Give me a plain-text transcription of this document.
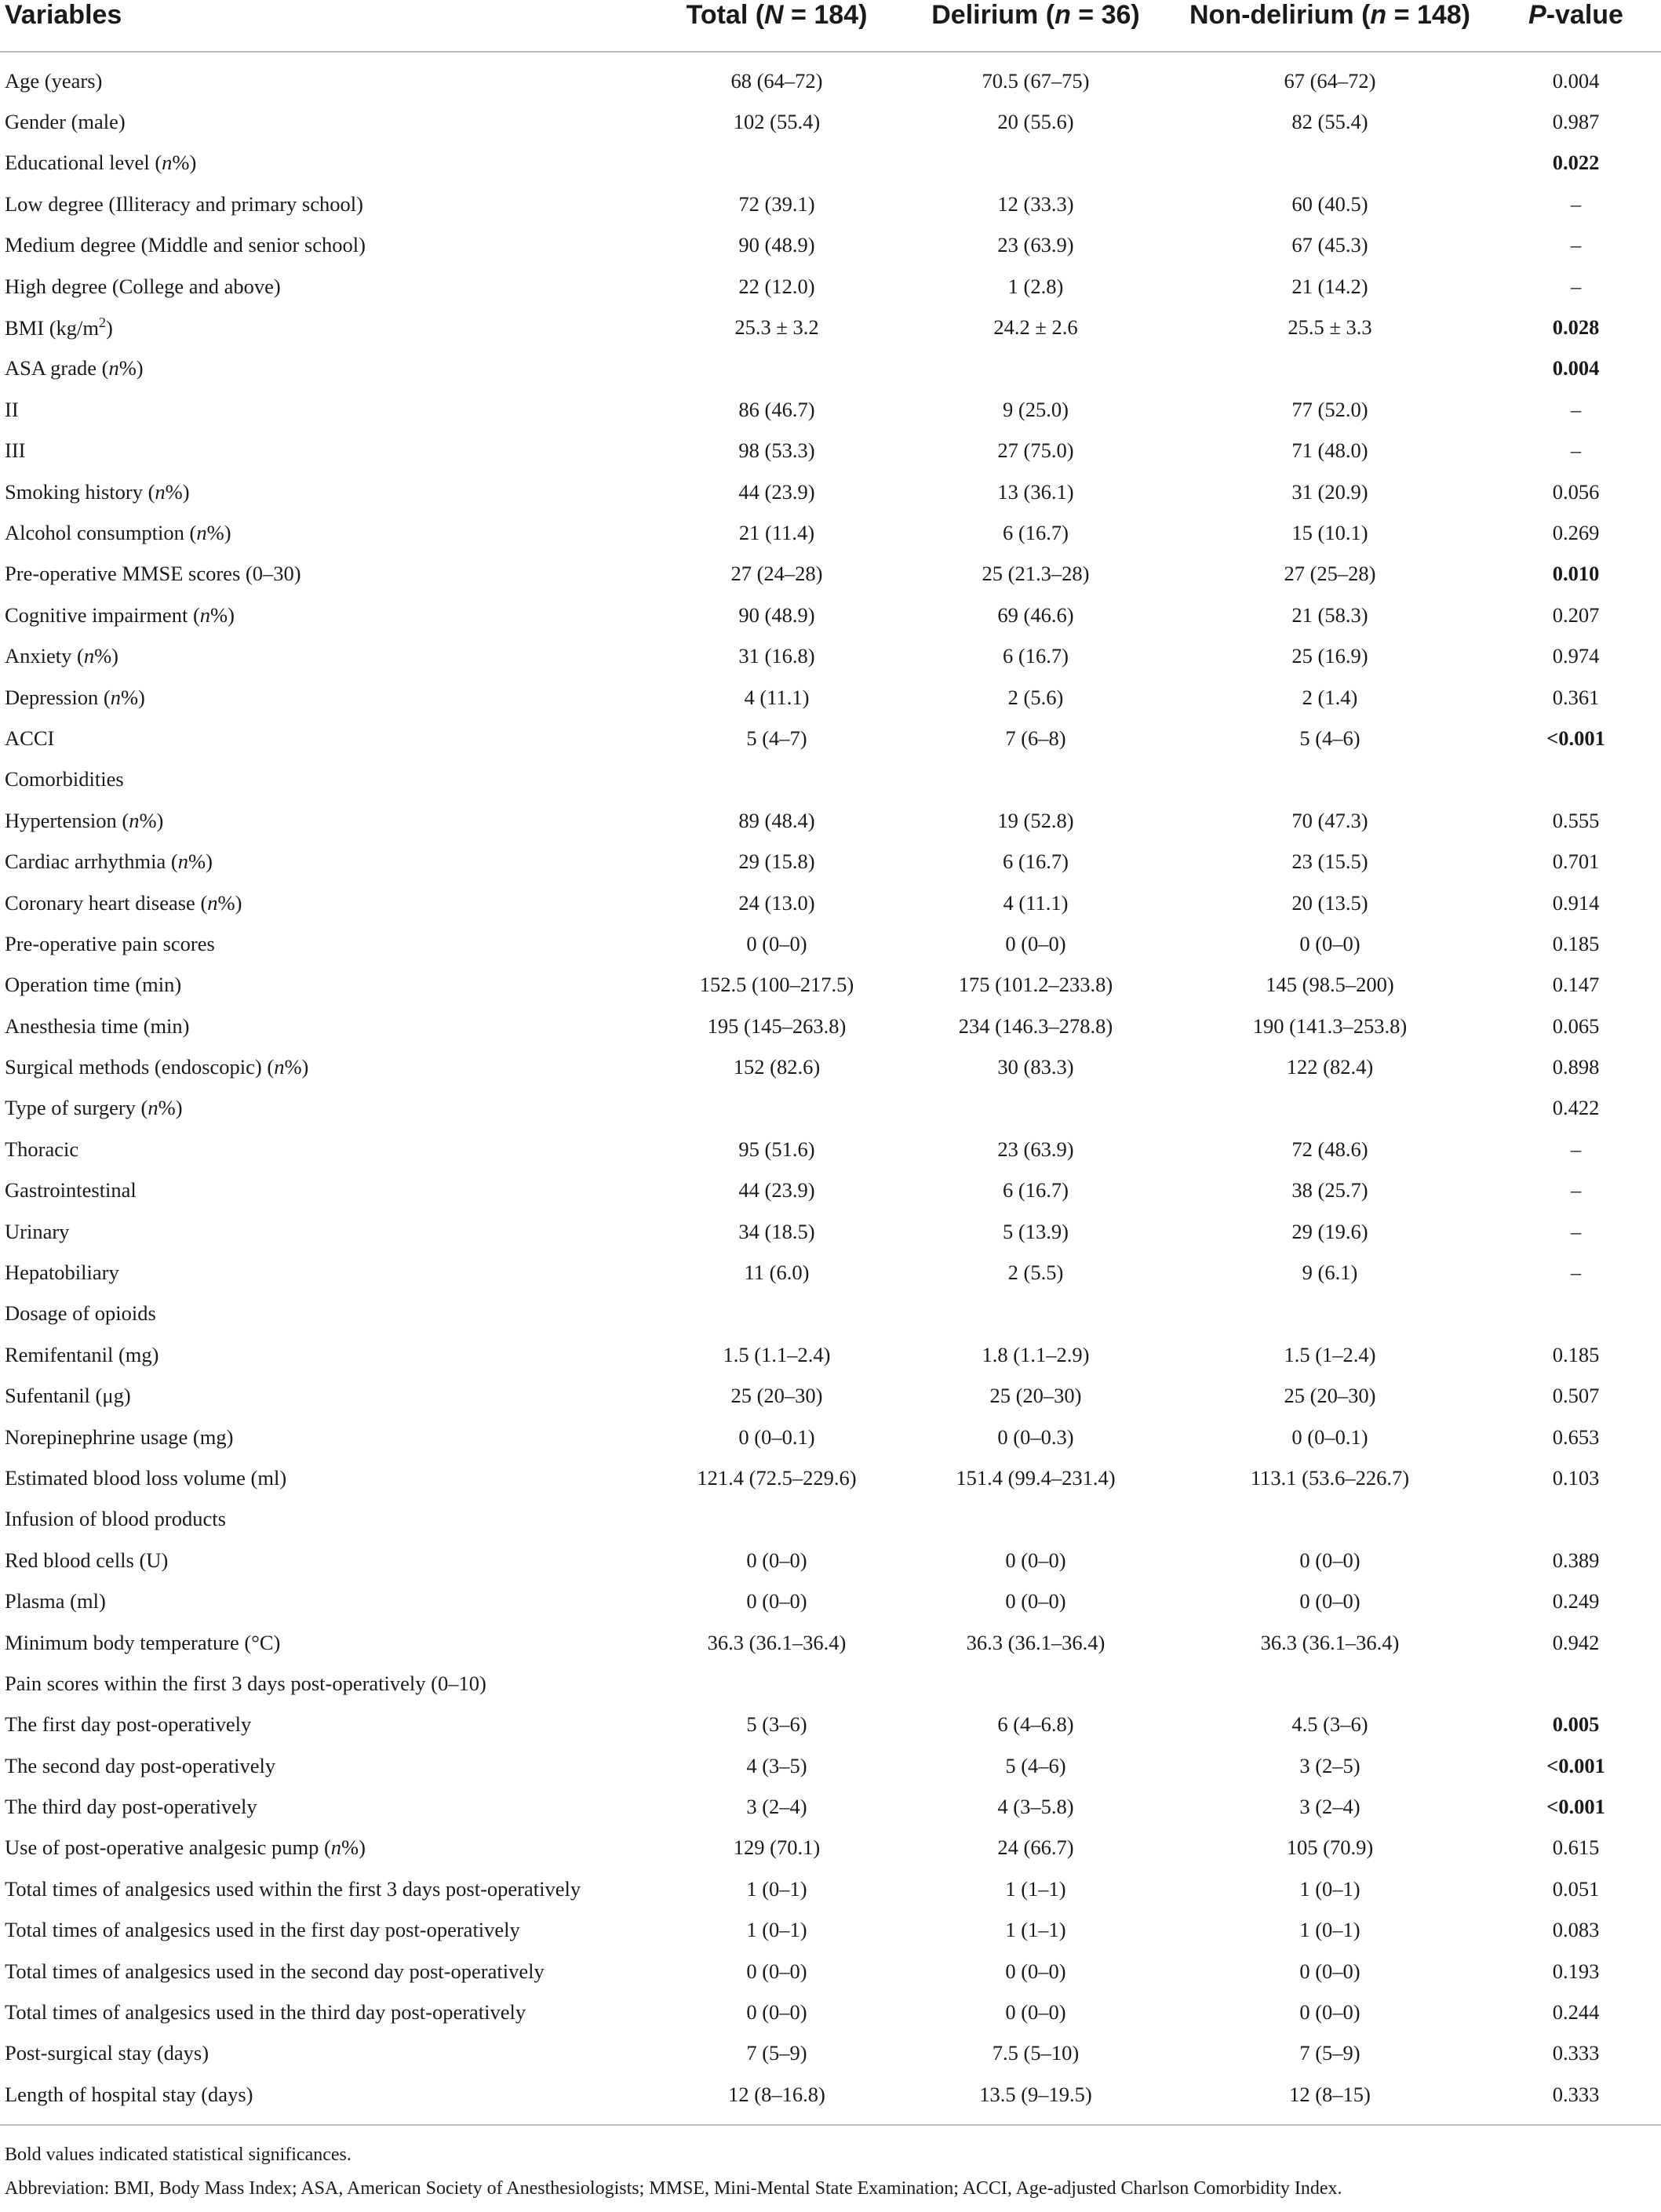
Variables	Total (N = 184)	Delirium (n = 36)	Non-delirium (n = 148)	P-value
Age (years)	68 (64–72)	70.5 (67–75)	67 (64–72)	0.004
Gender (male)	102 (55.4)	20 (55.6)	82 (55.4)	0.987
Educational level (n%)				0.022
Low degree (Illiteracy and primary school)	72 (39.1)	12 (33.3)	60 (40.5)	–
Medium degree (Middle and senior school)	90 (48.9)	23 (63.9)	67 (45.3)	–
High degree (College and above)	22 (12.0)	1 (2.8)	21 (14.2)	–
BMI $(kg/m^2)$	25.3 ± 3.2	24.2 ± 2.6	25.5 ± 3.3	0.028
ASA grade (n%)				0.004
II	86 (46.7)	9 (25.0)	77 (52.0)	–
III	98 (53.3)	27 (75.0)	71 (48.0)	–
Smoking history (n%)	44 (23.9)	13 (36.1)	31 (20.9)	0.056
Alcohol consumption (n%)	21 (11.4)	6 (16.7)	15 (10.1)	0.269
Pre-operative MMSE scores (0–30)	27 (24–28)	25 (21.3–28)	27 (25–28)	0.010
Cognitive impairment (n%)	90 (48.9)	69 (46.6)	21 (58.3)	0.207
Anxiety (n%)	31 (16.8)	6 (16.7)	25 (16.9)	0.974
Depression (n%)	4 (11.1)	2 (5.6)	2 (1.4)	0.361
ACCI	5 (4–7)	7 (6–8)	5 (4–6)	<0.001
Comorbidities				
Hypertension (n%)	89 (48.4)	19 (52.8)	70 (47.3)	0.555
Cardiac arrhythmia (n%)	29 (15.8)	6 (16.7)	23 (15.5)	0.701
Coronary heart disease (n%)	24 (13.0)	4 (11.1)	20 (13.5)	0.914
Pre-operative pain scores	0 (0–0)	0 (0–0)	0 (0–0)	0.185
Operation time (min)	152.5 (100–217.5)	175 (101.2–233.8)	145 (98.5–200)	0.147
Anesthesia time (min)	195 (145–263.8)	234 (146.3–278.8)	190 (141.3–253.8)	0.065
Surgical methods (endoscopic) (n%)	152 (82.6)	30 (83.3)	122 (82.4)	0.898
Type of surgery (n%)				0.422
Thoracic	95 (51.6)	23 (63.9)	72 (48.6)	–
Gastrointestinal	44 (23.9)	6 (16.7)	38 (25.7)	–
Urinary	34 (18.5)	5 (13.9)	29 (19.6)	–
Hepatobiliary	11 (6.0)	2 (5.5)	9 (6.1)	–
Dosage of opioids				
Remifentanil (mg)	1.5 (1.1–2.4)	1.8 (1.1–2.9)	1.5 (1–2.4)	0.185
Sufentanil (μg)	25 (20–30)	25 (20–30)	25 (20–30)	0.507
Norepinephrine usage (mg)	0 (0–0.1)	0 (0–0.3)	0 (0–0.1)	0.653
Estimated blood loss volume (ml)	121.4 (72.5–229.6)	151.4 (99.4–231.4)	113.1 (53.6–226.7)	0.103
Infusion of blood products				
Red blood cells (U)	0 (0–0)	0 (0–0)	0 (0–0)	0.389
Plasma (ml)	0 (0–0)	0 (0–0)	0 (0–0)	0.249
Minimum body temperature (°C)	36.3 (36.1–36.4)	36.3 (36.1–36.4)	36.3 (36.1–36.4)	0.942
Pain scores within the first 3 days post-operatively (0–10)				
The first day post-operatively	5 (3–6)	6 (4–6.8)	4.5 (3–6)	0.005
The second day post-operatively	4 (3–5)	5 (4–6)	3 (2–5)	<0.001
The third day post-operatively	3 (2–4)	4 (3–5.8)	3 (2–4)	<0.001
Use of post-operative analgesic pump (n%)	129 (70.1)	24 (66.7)	105 (70.9)	0.615
Total times of analgesics used within the first 3 days post-operatively	1 (0–1)	1 (1–1)	1 (0–1)	0.051
Total times of analgesics used in the first day post-operatively	1 (0–1)	1 (1–1)	1 (0–1)	0.083
Total times of analgesics used in the second day post-operatively	0 (0–0)	0 (0–0)	0 (0–0)	0.193
Total times of analgesics used in the third day post-operatively	0 (0–0)	0 (0–0)	0 (0–0)	0.244
Post-surgical stay (days)	7 (5–9)	7.5 (5–10)	7 (5–9)	0.333
Length of hospital stay (days)	12 (8–16.8)	13.5 (9–19.5)	12 (8–15)	0.333

Bold values indicated statistical significances.

Abbreviation: BMI, Body Mass Index; ASA, American Society of Anesthesiologists; MMSE, Mini-Mental State Examination; ACCI, Age-adjusted Charlson Comorbidity Index.
